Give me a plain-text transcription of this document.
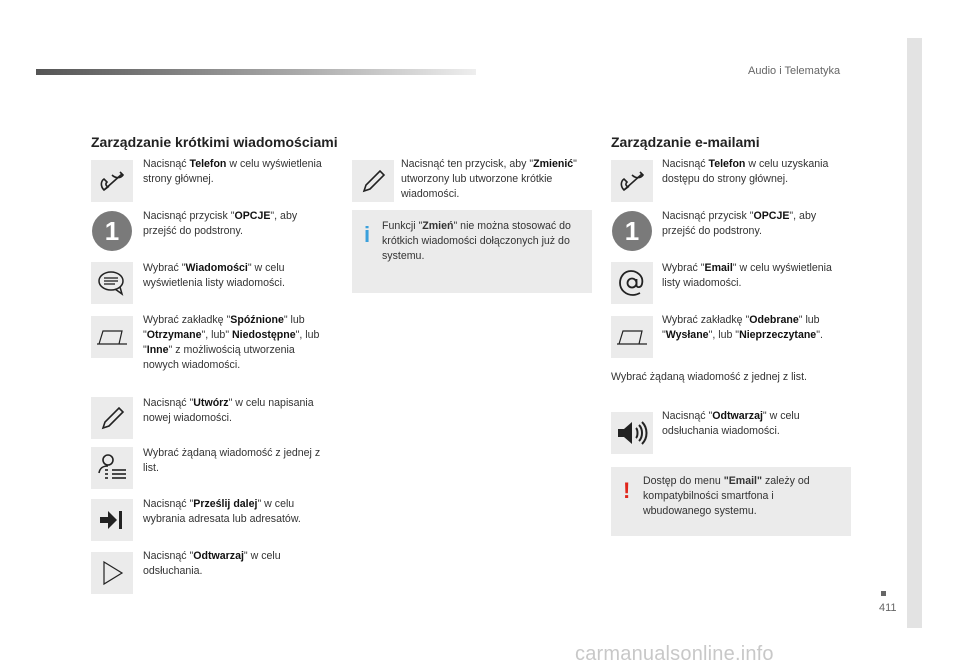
Audio i Telematyka
411
carmanualsonline.info
Zarządzanie krótkimi wiadomościami
Nacisnąć Telefon w celu wyświetlenia strony głównej.
1 Nacisnąć przycisk "OPCJE", aby przejść do podstrony.
Wybrać "Wiadomości" w celu wyświetlenia listy wiadomości.
Wybrać zakładkę "Spóźnione" lub "Otrzymane", lub" Niedostępne", lub "Inne" z możliwością utworzenia nowych wiadomości.
Nacisnąć "Utwórz" w celu napisania nowej wiadomości.
Wybrać żądaną wiadomość z jednej z list.
Nacisnąć "Prześlij dalej" w celu wybrania adresata lub adresatów.
Nacisnąć "Odtwarzaj" w celu odsłuchania.
Nacisnąć ten przycisk, aby "Zmienić" utworzony lub utworzone krótkie wiadomości.
i Funkcji "Zmień" nie można stosować do krótkich wiadomości dołączonych już do systemu.
Zarządzanie e-mailami
Nacisnąć Telefon w celu uzyskania dostępu do strony głównej.
1 Nacisnąć przycisk "OPCJE", aby przejść do podstrony.
Wybrać "Email" w celu wyświetlenia listy wiadomości.
Wybrać zakładkę "Odebrane" lub "Wysłane", lub "Nieprzeczytane".
Wybrać żądaną wiadomość z jednej z list.
Nacisnąć "Odtwarzaj" w celu odsłuchania wiadomości.
! Dostęp do menu "Email" zależy od kompatybilności smartfona i wbudowanego systemu.
